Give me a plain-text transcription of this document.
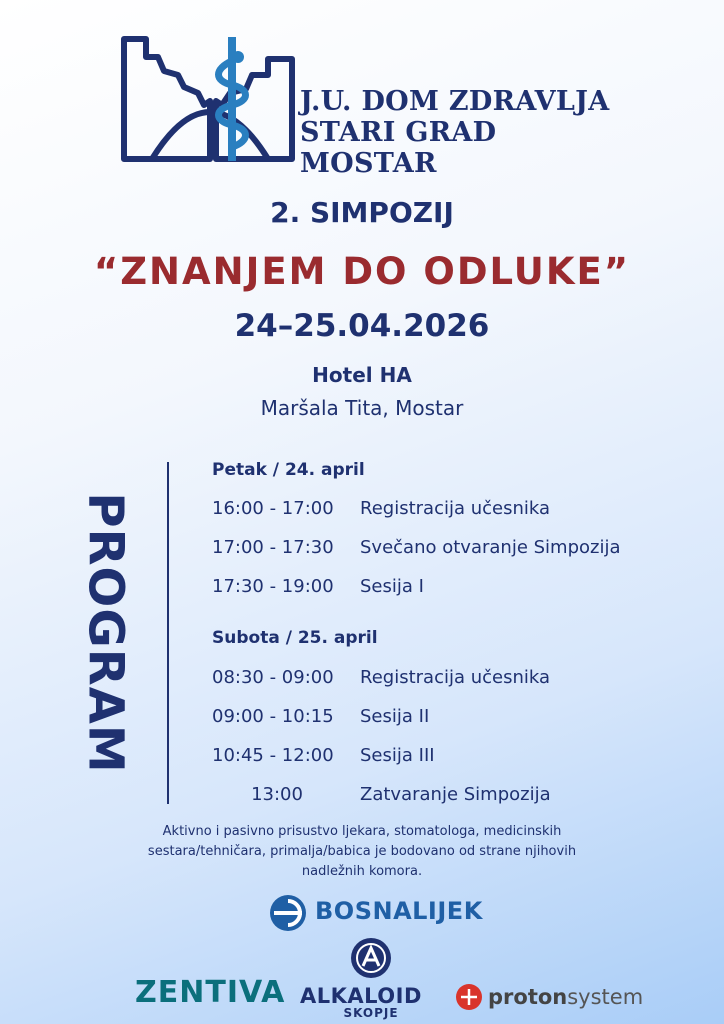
J.U. DOM ZDRAVLJA
STARI GRAD MOSTAR
2. SIMPOZIJ
“ZNANJEM DO ODLUKE”
24–25.04.2026
Hotel HA
Maršala Tita, Mostar
PROGRAM
Petak / 24. april
16:00 - 17:00	Registracija učesnika
17:00 - 17:30	Svečano otvaranje Simpozija
17:30 - 19:00	Sesija I
Subota / 25. april
08:30 - 09:00	Registracija učesnika
09:00 - 10:15	Sesija II
10:45 - 12:00	Sesija III
13:00	Zatvaranje Simpozija
Aktivno i pasivno prisustvo ljekara, stomatologa, medicinskih sestara/tehničara, primalja/babica je bodovano od strane njihovih nadležnih komora.
BOSNALIJEK
ZENTIVA ALKALOID
SKOPJE
protonsystem
